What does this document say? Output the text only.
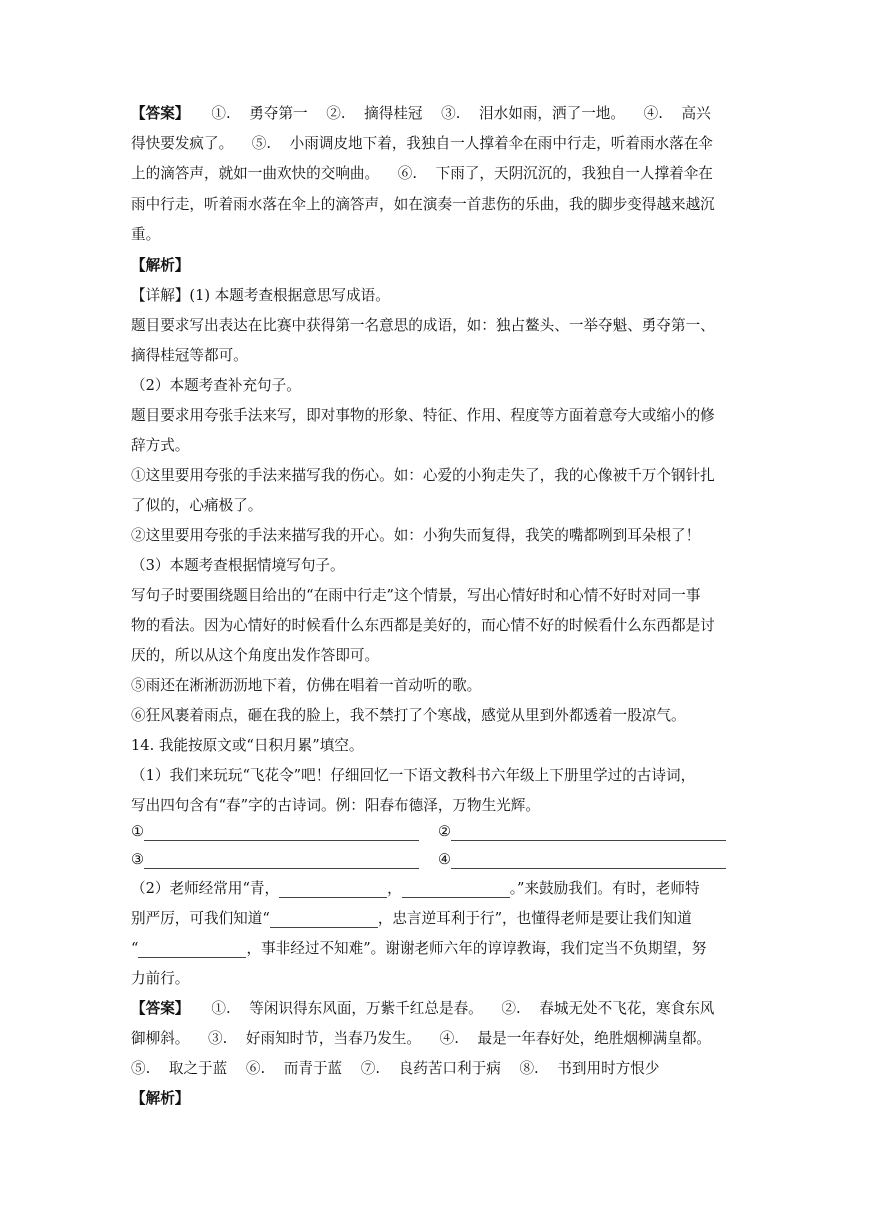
【答案】 ①. 勇夺第一 ②. 摘得桂冠 ③. 泪水如雨，洒了一地。 ④. 高兴
得快要发疯了。 ⑤. 小雨调皮地下着，我独自一人撑着伞在雨中行走，听着雨水落在伞
上的滴答声，就如一曲欢快的交响曲。 ⑥. 下雨了，天阴沉沉的，我独自一人撑着伞在
雨中行走，听着雨水落在伞上的滴答声，如在演奏一首悲伤的乐曲，我的脚步变得越来越沉
重。
【解析】
【详解】(1) 本题考查根据意思写成语。
题目要求写出表达在比赛中获得第一名意思的成语，如：独占鳌头、一举夺魁、勇夺第一、
摘得桂冠等都可。
（2）本题考查补充句子。
题目要求用夸张手法来写，即对事物的形象、特征、作用、程度等方面着意夸大或缩小的修
辞方式。
①这里要用夸张的手法来描写我的伤心。如：心爱的小狗走失了，我的心像被千万个钢针扎
了似的，心痛极了。
②这里要用夸张的手法来描写我的开心。如：小狗失而复得，我笑的嘴都咧到耳朵根了！
（3）本题考查根据情境写句子。
写句子时要围绕题目给出的“在雨中行走”这个情景，写出心情好时和心情不好时对同一事
物的看法。因为心情好的时候看什么东西都是美好的，而心情不好的时候看什么东西都是讨
厌的，所以从这个角度出发作答即可。
⑤雨还在淅淅沥沥地下着，仿佛在唱着一首动听的歌。
⑥狂风裹着雨点，砸在我的脸上，我不禁打了个寒战，感觉从里到外都透着一股凉气。
14. 我能按原文或“日积月累”填空。
（1）我们来玩玩“飞花令”吧！仔细回忆一下语文教科书六年级上下册里学过的古诗词，
写出四句含有“春”字的古诗词。例：阳春布德泽，万物生光辉。
①	②
③	④
（2）老师经常用“青，	，	。”来鼓励我们。有时，老师特
别严厉，可我们知道“	，忠言逆耳利于行”，也懂得老师是要让我们知道
“	，事非经过不知难”。谢谢老师六年的谆谆教诲，我们定当不负期望，努
力前行。
【答案】 ①. 等闲识得东风面，万紫千红总是春。 ②. 春城无处不飞花，寒食东风
御柳斜。 ③. 好雨知时节，当春乃发生。 ④. 最是一年春好处，绝胜烟柳满皇都。
⑤. 取之于蓝 ⑥. 而青于蓝 ⑦. 良药苦口利于病 ⑧. 书到用时方恨少
【解析】
